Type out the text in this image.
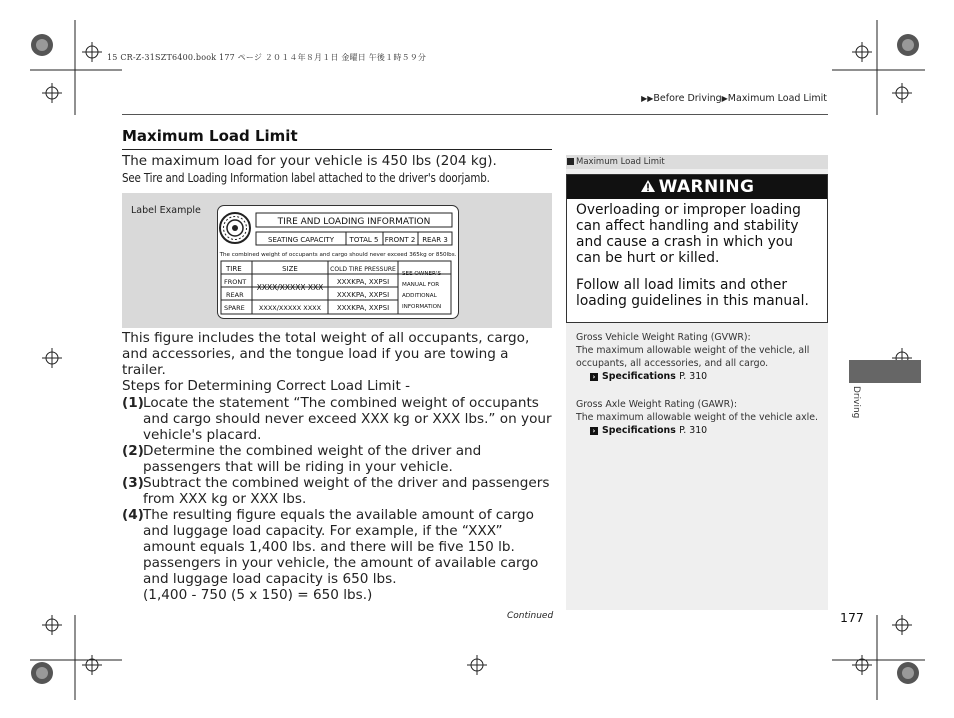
15 CR-Z-31SZT6400.book 177 ページ ２０１４年８月１日 金曜日 午後１時５９分
▶▶Before Driving▶Maximum Load Limit
Maximum Load Limit
The maximum load for your vehicle is 450 lbs (204 kg).
See Tire and Loading Information label attached to the driver's doorjamb.
Label Example
TIRE AND LOADING INFORMATION
SEATING CAPACITY TOTAL 5 FRONT 2 REAR 3
The combined weight of occupants and cargo should never exceed 365kg or 850lbs.
TIRE	SIZE	COLD TIRE PRESSURE
FRONT
REAR
SPARE
XXXX/XXXXX XXX
XXXX/XXXXX XXXX
XXXKPA, XXPSI
XXXKPA, XXPSI
XXXKPA, XXPSI
SEE OWNER'S
MANUAL FOR
ADDITIONAL
INFORMATION

This figure includes the total weight of all occupants, cargo, and accessories, and the tongue load if you are towing a trailer.

Steps for Determining Correct Load Limit -

(1) Locate the statement “The combined weight of occupants and cargo should never exceed XXX kg or XXX lbs.” on your vehicle's placard.
(2) Determine the combined weight of the driver and passengers that will be riding in your vehicle.
(3) Subtract the combined weight of the driver and passengers from XXX kg or XXX lbs.
(4) The resulting figure equals the available amount of cargo and luggage load capacity. For example, if the “XXX” amount equals 1,400 lbs. and there will be five 150 lb. passengers in your vehicle, the amount of available cargo and luggage load capacity is 650 lbs.
(1,400 - 750 (5 x 150) = 650 lbs.)
Continued
Maximum Load Limit
WARNING

Overloading or improper loading can affect handling and stability and cause a crash in which you can be hurt or killed.

Follow all load limits and other loading guidelines in this manual.

Gross Vehicle Weight Rating (GVWR):
The maximum allowable weight of the vehicle, all occupants, all accessories, and all cargo.
› Specifications P. 310
Gross Axle Weight Rating (GAWR):
The maximum allowable weight of the vehicle axle.
› Specifications P. 310
Driving
177
